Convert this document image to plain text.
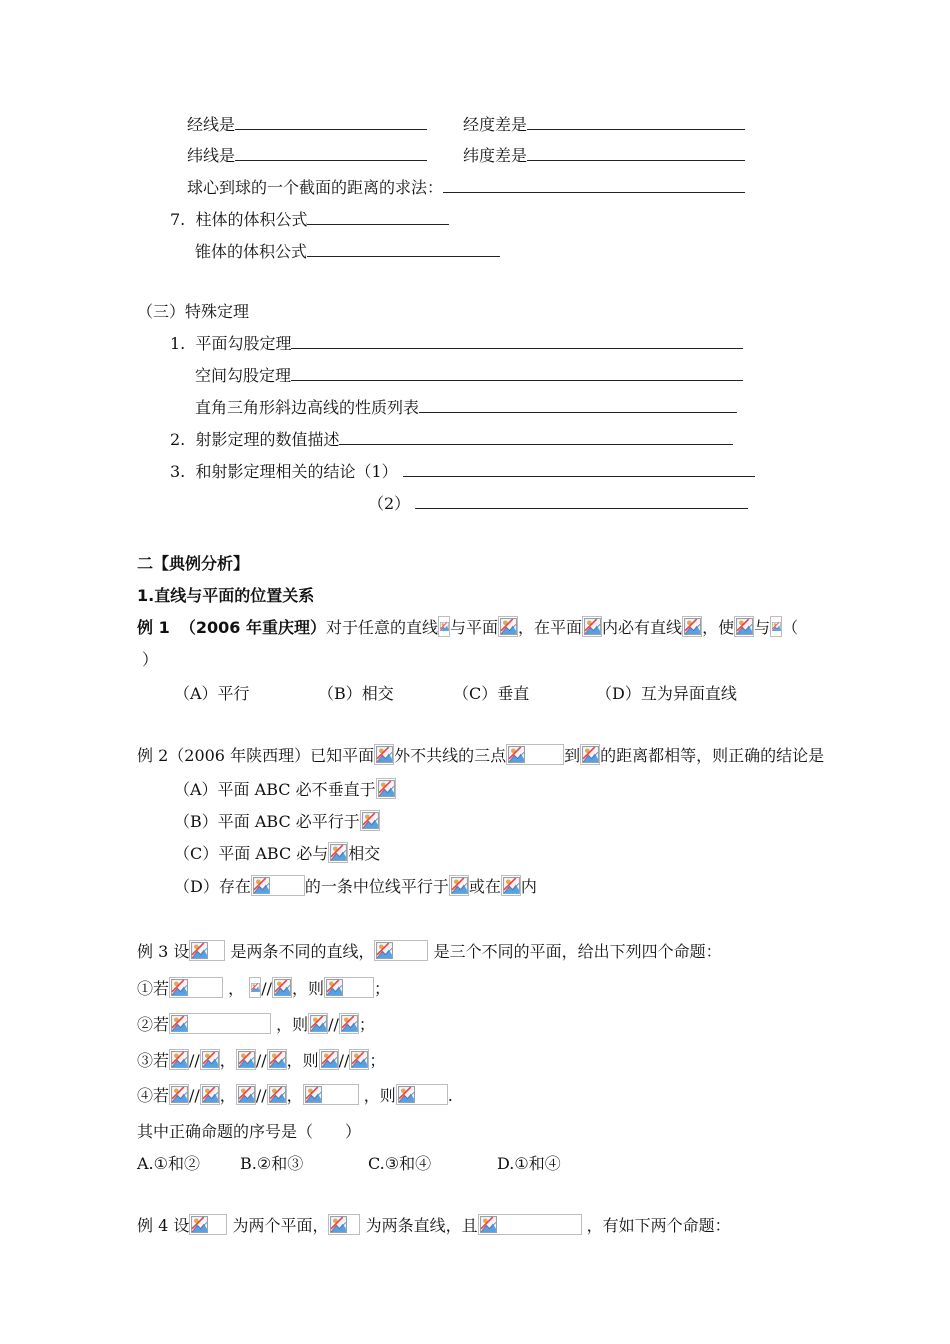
经线是	经度差是
纬线是	纬度差是
球心到球的一个截面的距离的求法：
7. 柱体的体积公式
锥体的体积公式
（三）特殊定理
1. 平面勾股定理
空间勾股定理
直角三角形斜边高线的性质列表
2. 射影定理的数值描述
3. 和射影定理相关的结论（1）
（2）
二【典例分析】
1.直线与平面的位置关系
例 1 （2006 年重庆理）对于任意的直线 与平面 ，在平面 内必有直线 ，使 与 （
）
（A）平行	（B）相交	（C）垂直	（D）互为异面直线
例 2（2006 年陕西理）已知平面 外不共线的三点	到 的距离都相等，则正确的结论是
（A）平面 ABC 必不垂直于
（B）平面 ABC 必平行于
（C）平面 ABC 必与 相交
（D）存在	的一条中位线平行于 或在 内
例 3 设	是两条不同的直线，	是三个不同的平面，给出下列四个命题：
①若	， // ，则	；
②若	，则 // ；
③若 // ， // ，则 // ；
④若 // ， // ，	，则	.
其中正确命题的序号是（　　）
A.①和②	B.②和③	C.③和④	D.①和④
例 4 设	为两个平面， 为两条直线，且	，有如下两个命题：
